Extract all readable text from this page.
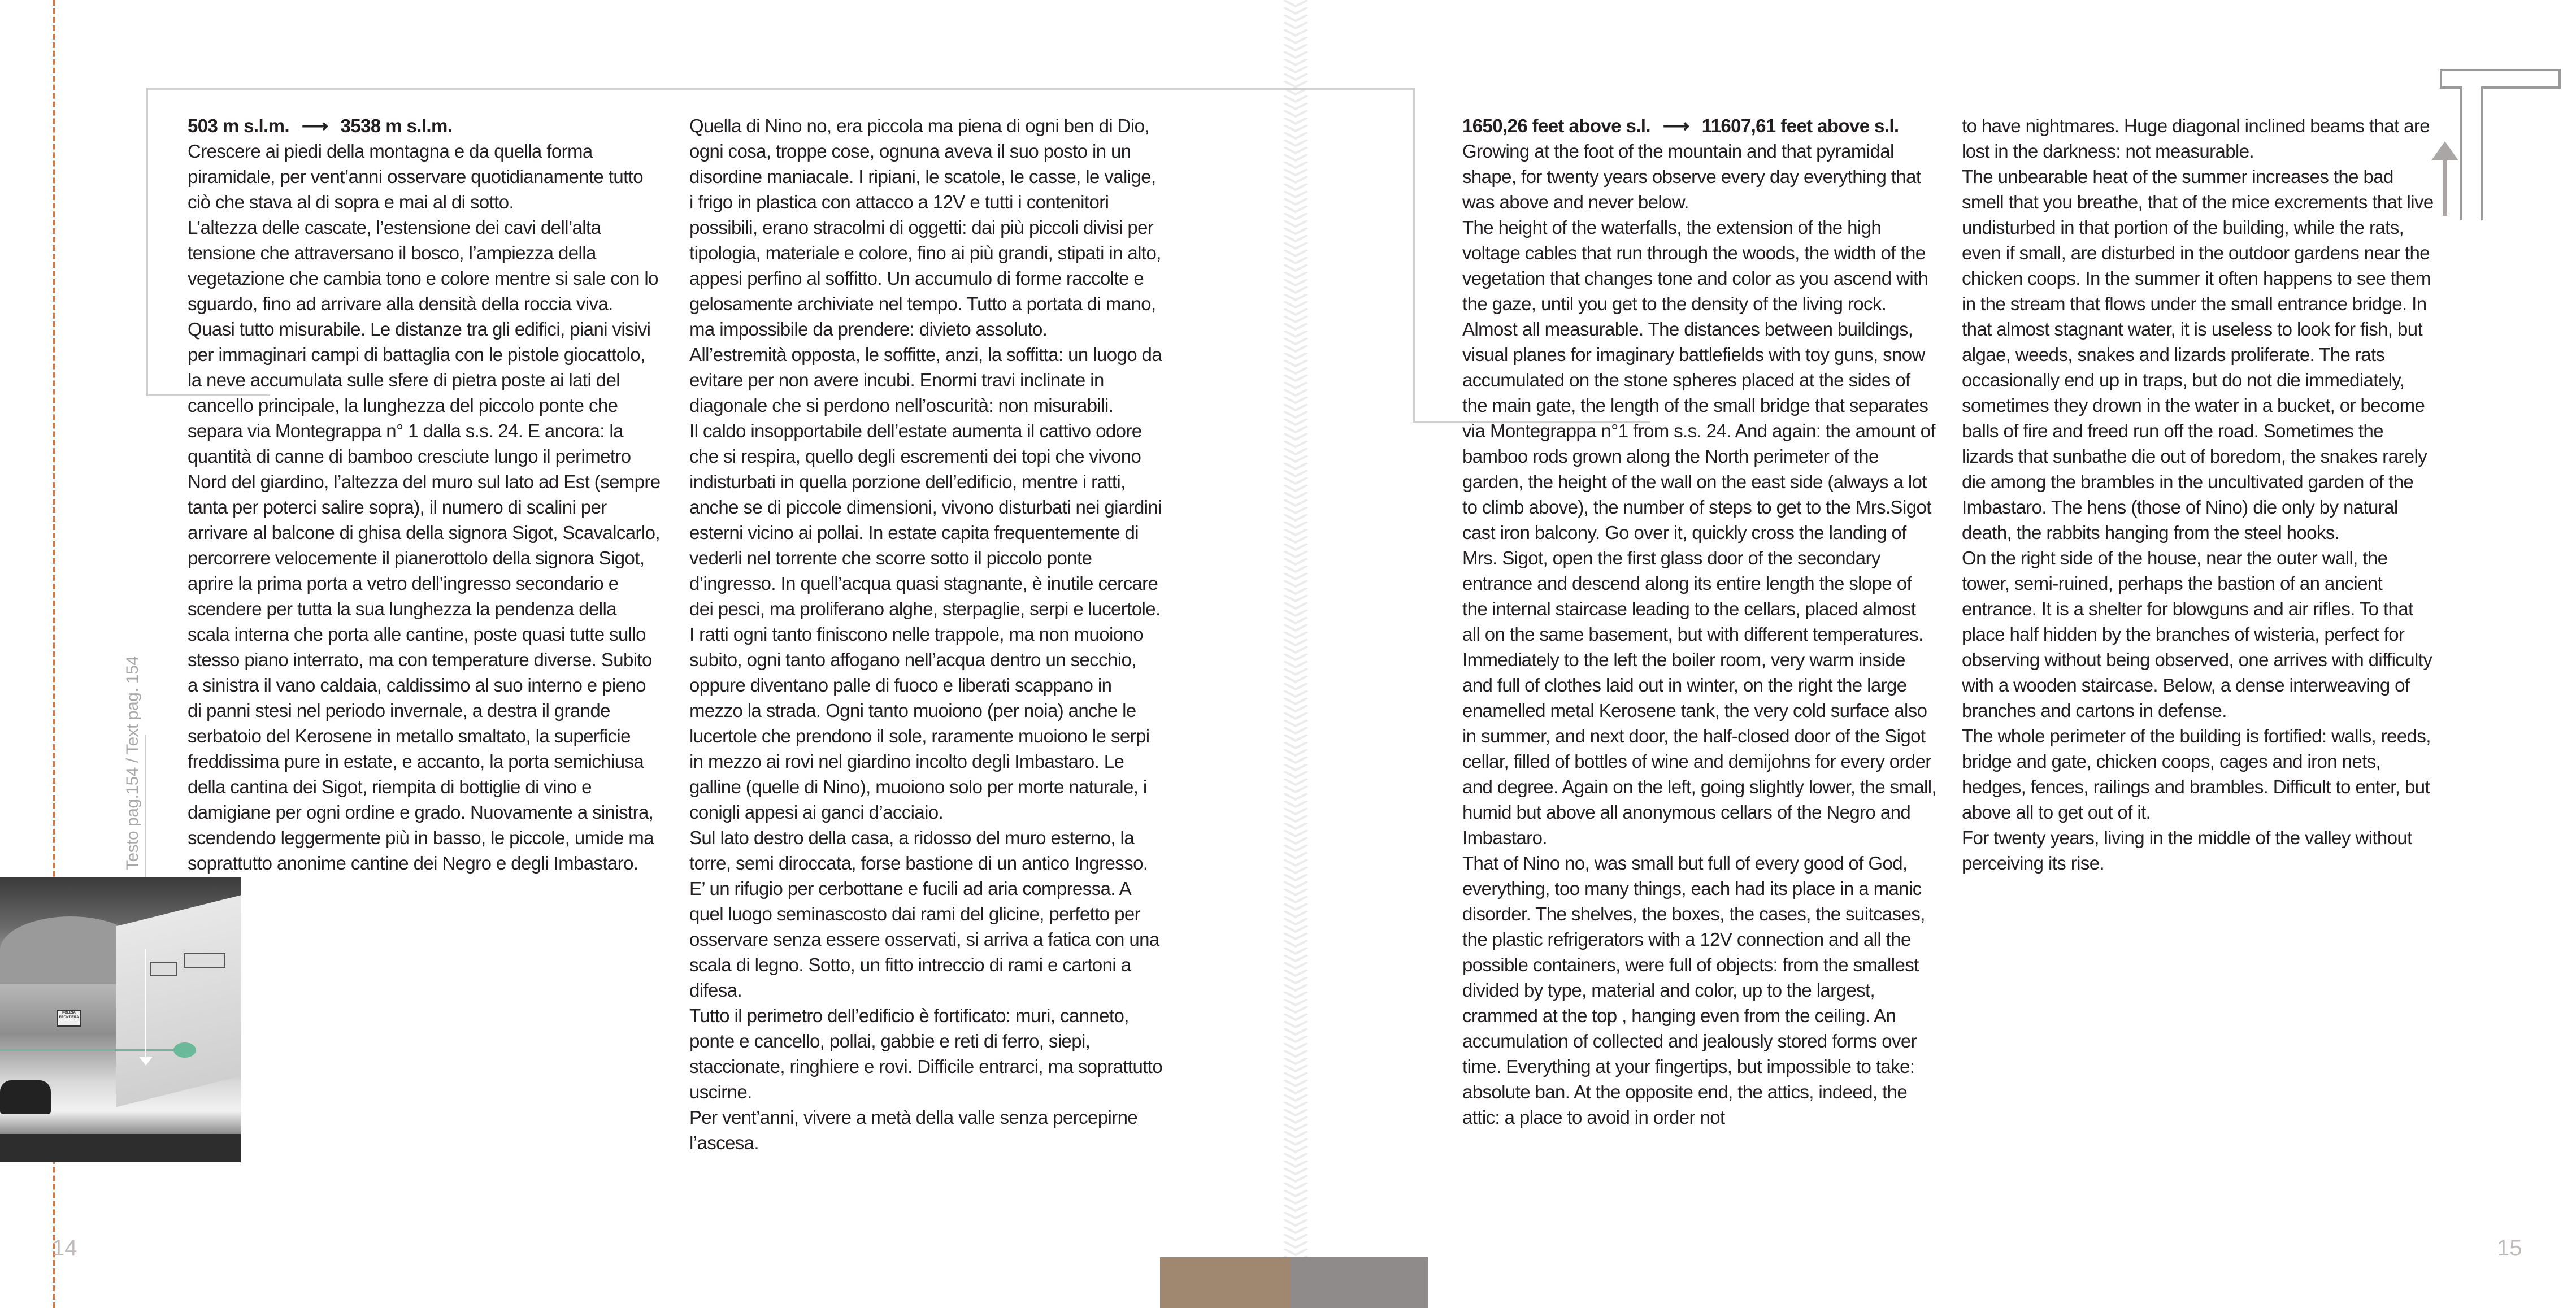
503 m s.l.m. ⟶ 3538 m s.l.m.

Crescere ai piedi della montagna e da quella forma piramidale, per vent’anni osservare quotidianamente tutto ciò che stava al di sopra e mai al di sotto.

L’altezza delle cascate, l’estensione dei cavi dell’alta tensione che attraversano il bosco, l’ampiezza della vegetazione che cambia tono e colore mentre si sale con lo sguardo, fino ad arrivare alla densità della roccia viva. Quasi tutto misurabile. Le distanze tra gli edifici, piani visivi per immaginari campi di battaglia con le pistole giocattolo, la neve accumulata sulle sfere di pietra poste ai lati del cancello principale, la lunghezza del piccolo ponte che separa via Montegrappa n° 1 dalla s.s. 24. E ancora: la quantità di canne di bamboo cresciute lungo il perimetro Nord del giardino, l’altezza del muro sul lato ad Est (sempre tanta per poterci salire sopra), il numero di scalini per arrivare al balcone di ghisa della signora Sigot, Scavalcarlo, percorrere velocemente il pianerottolo della signora Sigot, aprire la prima porta a vetro dell’ingresso secondario e scendere per tutta la sua lunghezza la pendenza della scala interna che porta alle cantine, poste quasi tutte sullo stesso piano interrato, ma con temperature diverse. Subito a sinistra il vano caldaia, caldissimo al suo interno e pieno di panni stesi nel periodo invernale, a destra il grande serbatoio del Kerosene in metallo smaltato, la superficie freddissima pure in estate, e accanto, la porta semichiusa della cantina dei Sigot, riempita di bottiglie di vino e damigiane per ogni ordine e grado. Nuovamente a sinistra, scendendo leggermente più in basso, le piccole, umide ma soprattutto anonime cantine dei Negro e degli Imbastaro.

Quella di Nino no, era piccola ma piena di ogni ben di Dio, ogni cosa, troppe cose, ognuna aveva il suo posto in un disordine maniacale. I ripiani, le scatole, le casse, le valige, i frigo in plastica con attacco a 12V e tutti i contenitori possibili, erano stracolmi di oggetti: dai più piccoli divisi per tipologia, materiale e colore, fino ai più grandi, stipati in alto, appesi perfino al soffitto. Un accumulo di forme raccolte e gelosamente archiviate nel tempo. Tutto a portata di mano, ma impossibile da prendere: divieto assoluto.

All’estremità opposta, le soffitte, anzi, la soffitta: un luogo da evitare per non avere incubi. Enormi travi inclinate in diagonale che si perdono nell’oscurità: non misurabili.

Il caldo insopportabile dell’estate aumenta il cattivo odore che si respira, quello degli escrementi dei topi che vivono indisturbati in quella porzione dell’edificio, mentre i ratti, anche se di piccole dimensioni, vivono disturbati nei giardini esterni vicino ai pollai. In estate capita frequentemente di vederli nel torrente che scorre sotto il piccolo ponte d’ingresso. In quell’acqua quasi stagnante, è inutile cercare dei pesci, ma proliferano alghe, sterpaglie, serpi e lucertole. I ratti ogni tanto finiscono nelle trappole, ma non muoiono subito, ogni tanto affogano nell’acqua dentro un secchio, oppure diventano palle di fuoco e liberati scappano in mezzo la strada. Ogni tanto muoiono (per noia) anche le lucertole che prendono il sole, raramente muoiono le serpi in mezzo ai rovi nel giardino incolto degli Imbastaro. Le galline (quelle di Nino), muoiono solo per morte naturale, i conigli appesi ai ganci d’acciaio.

Sul lato destro della casa, a ridosso del muro esterno, la torre, semi diroccata, forse bastione di un antico Ingresso. E’ un rifugio per cerbottane e fucili ad aria compressa. A quel luogo seminascosto dai rami del glicine, perfetto per osservare senza essere osservati, si arriva a fatica con una scala di legno. Sotto, un fitto intreccio di rami e cartoni a difesa.

Tutto il perimetro dell’edificio è fortificato: muri, canneto, ponte e cancello, pollai, gabbie e reti di ferro, siepi, staccionate, ringhiere e rovi. Difficile entrarci, ma soprattutto uscirne.

Per vent’anni, vivere a metà della valle senza percepirne l’ascesa.

Testo pag.154 / Text pag. 154
POLIZIA FRONTIERA
14

1650,26 feet above s.l. ⟶ 11607,61 feet above s.l.

Growing at the foot of the mountain and that pyramidal shape, for twenty years observe every day everything that was above and never below.

The height of the waterfalls, the extension of the high voltage cables that run through the woods, the width of the vegetation that changes tone and color as you ascend with the gaze, until you get to the density of the living rock. Almost all measurable. The distances between buildings, visual planes for imaginary battlefields with toy guns, snow accumulated on the stone spheres placed at the sides of the main gate, the length of the small bridge that separates via Montegrappa n°1 from s.s. 24. And again: the amount of bamboo rods grown along the North perimeter of the garden, the height of the wall on the east side (always a lot to climb above), the number of steps to get to the Mrs.Sigot cast iron balcony. Go over it, quickly cross the landing of Mrs. Sigot, open the first glass door of the secondary entrance and descend along its entire length the slope of the internal staircase leading to the cellars, placed almost all on the same basement, but with different temperatures. Immediately to the left the boiler room, very warm inside and full of clothes laid out in winter, on the right the large enamelled metal Kerosene tank, the very cold surface also in summer, and next door, the half-closed door of the Sigot cellar, filled of bottles of wine and demijohns for every order and degree. Again on the left, going slightly lower, the small, humid but above all anonymous cellars of the Negro and Imbastaro.

That of Nino no, was small but full of every good of God, everything, too many things, each had its place in a manic disorder. The shelves, the boxes, the cases, the suitcases, the plastic refrigerators with a 12V connection and all the possible containers, were full of objects: from the smallest divided by type, material and color, up to the largest, crammed at the top , hanging even from the ceiling. An accumulation of collected and jealously stored forms over time. Everything at your fingertips, but impossible to take: absolute ban. At the opposite end, the attics, indeed, the attic: a place to avoid in order not

to have nightmares. Huge diagonal inclined beams that are lost in the darkness: not measurable.

The unbearable heat of the summer increases the bad smell that you breathe, that of the mice excrements that live undisturbed in that portion of the building, while the rats, even if small, are disturbed in the outdoor gardens near the chicken coops. In the summer it often happens to see them in the stream that flows under the small entrance bridge. In that almost stagnant water, it is useless to look for fish, but algae, weeds, snakes and lizards proliferate. The rats occasionally end up in traps, but do not die immediately, sometimes they drown in the water in a bucket, or become balls of fire and freed run off the road. Sometimes the lizards that sunbathe die out of boredom, the snakes rarely die among the brambles in the uncultivated garden of the Imbastaro. The hens (those of Nino) die only by natural death, the rabbits hanging from the steel hooks.

On the right side of the house, near the outer wall, the tower, semi-ruined, perhaps the bastion of an ancient entrance. It is a shelter for blowguns and air rifles. To that place half hidden by the branches of wisteria, perfect for observing without being observed, one arrives with difficulty with a wooden staircase. Below, a dense interweaving of branches and cartons in defense.

The whole perimeter of the building is fortified: walls, reeds, bridge and gate, chicken coops, cages and iron nets, hedges, fences, railings and brambles. Difficult to enter, but above all to get out of it.

For twenty years, living in the middle of the valley without perceiving its rise.

15
